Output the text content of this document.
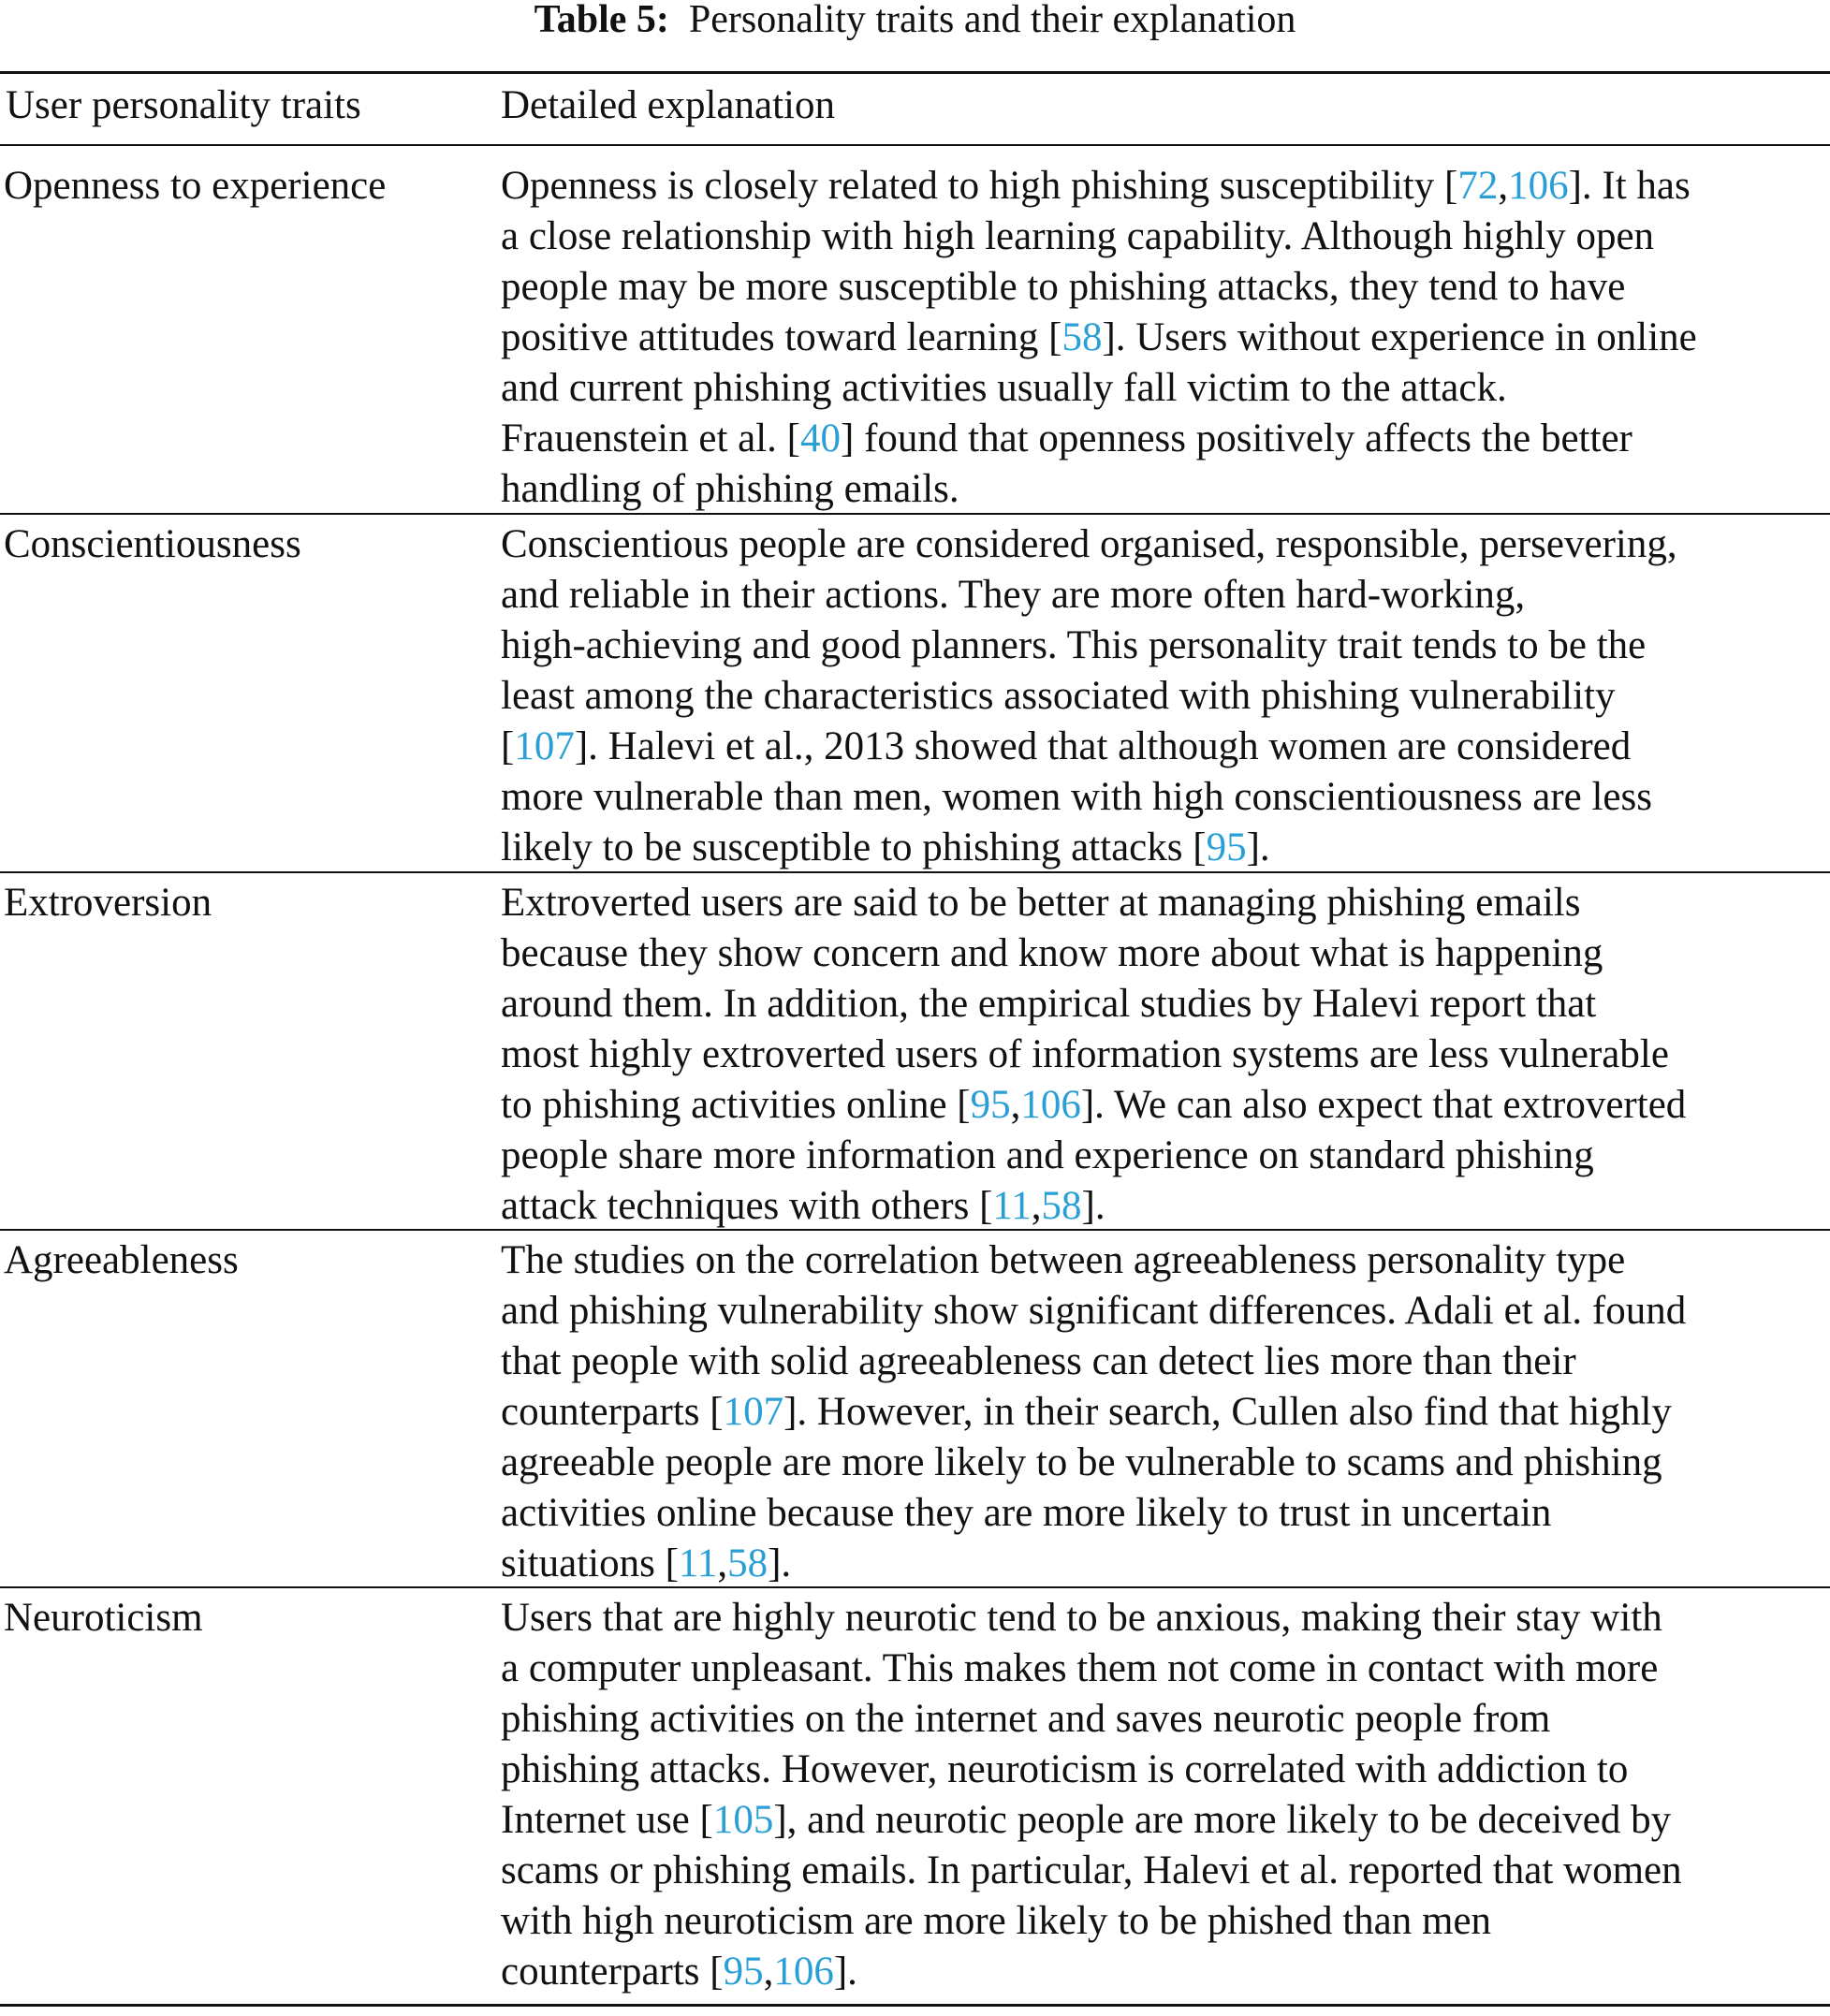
Table 5: Personality traits and their explanation
User personality traits	Detailed explanation
Openness to experience	Openness is closely related to high phishing susceptibility [72,106]. It has
a close relationship with high learning capability. Although highly open
people may be more susceptible to phishing attacks, they tend to have
positive attitudes toward learning [58]. Users without experience in online
and current phishing activities usually fall victim to the attack.
Frauenstein et al. [40] found that openness positively affects the better
handling of phishing emails.
Conscientiousness	Conscientious people are considered organised, responsible, persevering,
and reliable in their actions. They are more often hard-working,
high-achieving and good planners. This personality trait tends to be the
least among the characteristics associated with phishing vulnerability
[107]. Halevi et al., 2013 showed that although women are considered
more vulnerable than men, women with high conscientiousness are less
likely to be susceptible to phishing attacks [95].
Extroversion	Extroverted users are said to be better at managing phishing emails
because they show concern and know more about what is happening
around them. In addition, the empirical studies by Halevi report that
most highly extroverted users of information systems are less vulnerable
to phishing activities online [95,106]. We can also expect that extroverted
people share more information and experience on standard phishing
attack techniques with others [11,58].
Agreeableness	The studies on the correlation between agreeableness personality type
and phishing vulnerability show significant differences. Adali et al. found
that people with solid agreeableness can detect lies more than their
counterparts [107]. However, in their search, Cullen also find that highly
agreeable people are more likely to be vulnerable to scams and phishing
activities online because they are more likely to trust in uncertain
situations [11,58].
Neuroticism	Users that are highly neurotic tend to be anxious, making their stay with
a computer unpleasant. This makes them not come in contact with more
phishing activities on the internet and saves neurotic people from
phishing attacks. However, neuroticism is correlated with addiction to
Internet use [105], and neurotic people are more likely to be deceived by
scams or phishing emails. In particular, Halevi et al. reported that women
with high neuroticism are more likely to be phished than men
counterparts [95,106].
